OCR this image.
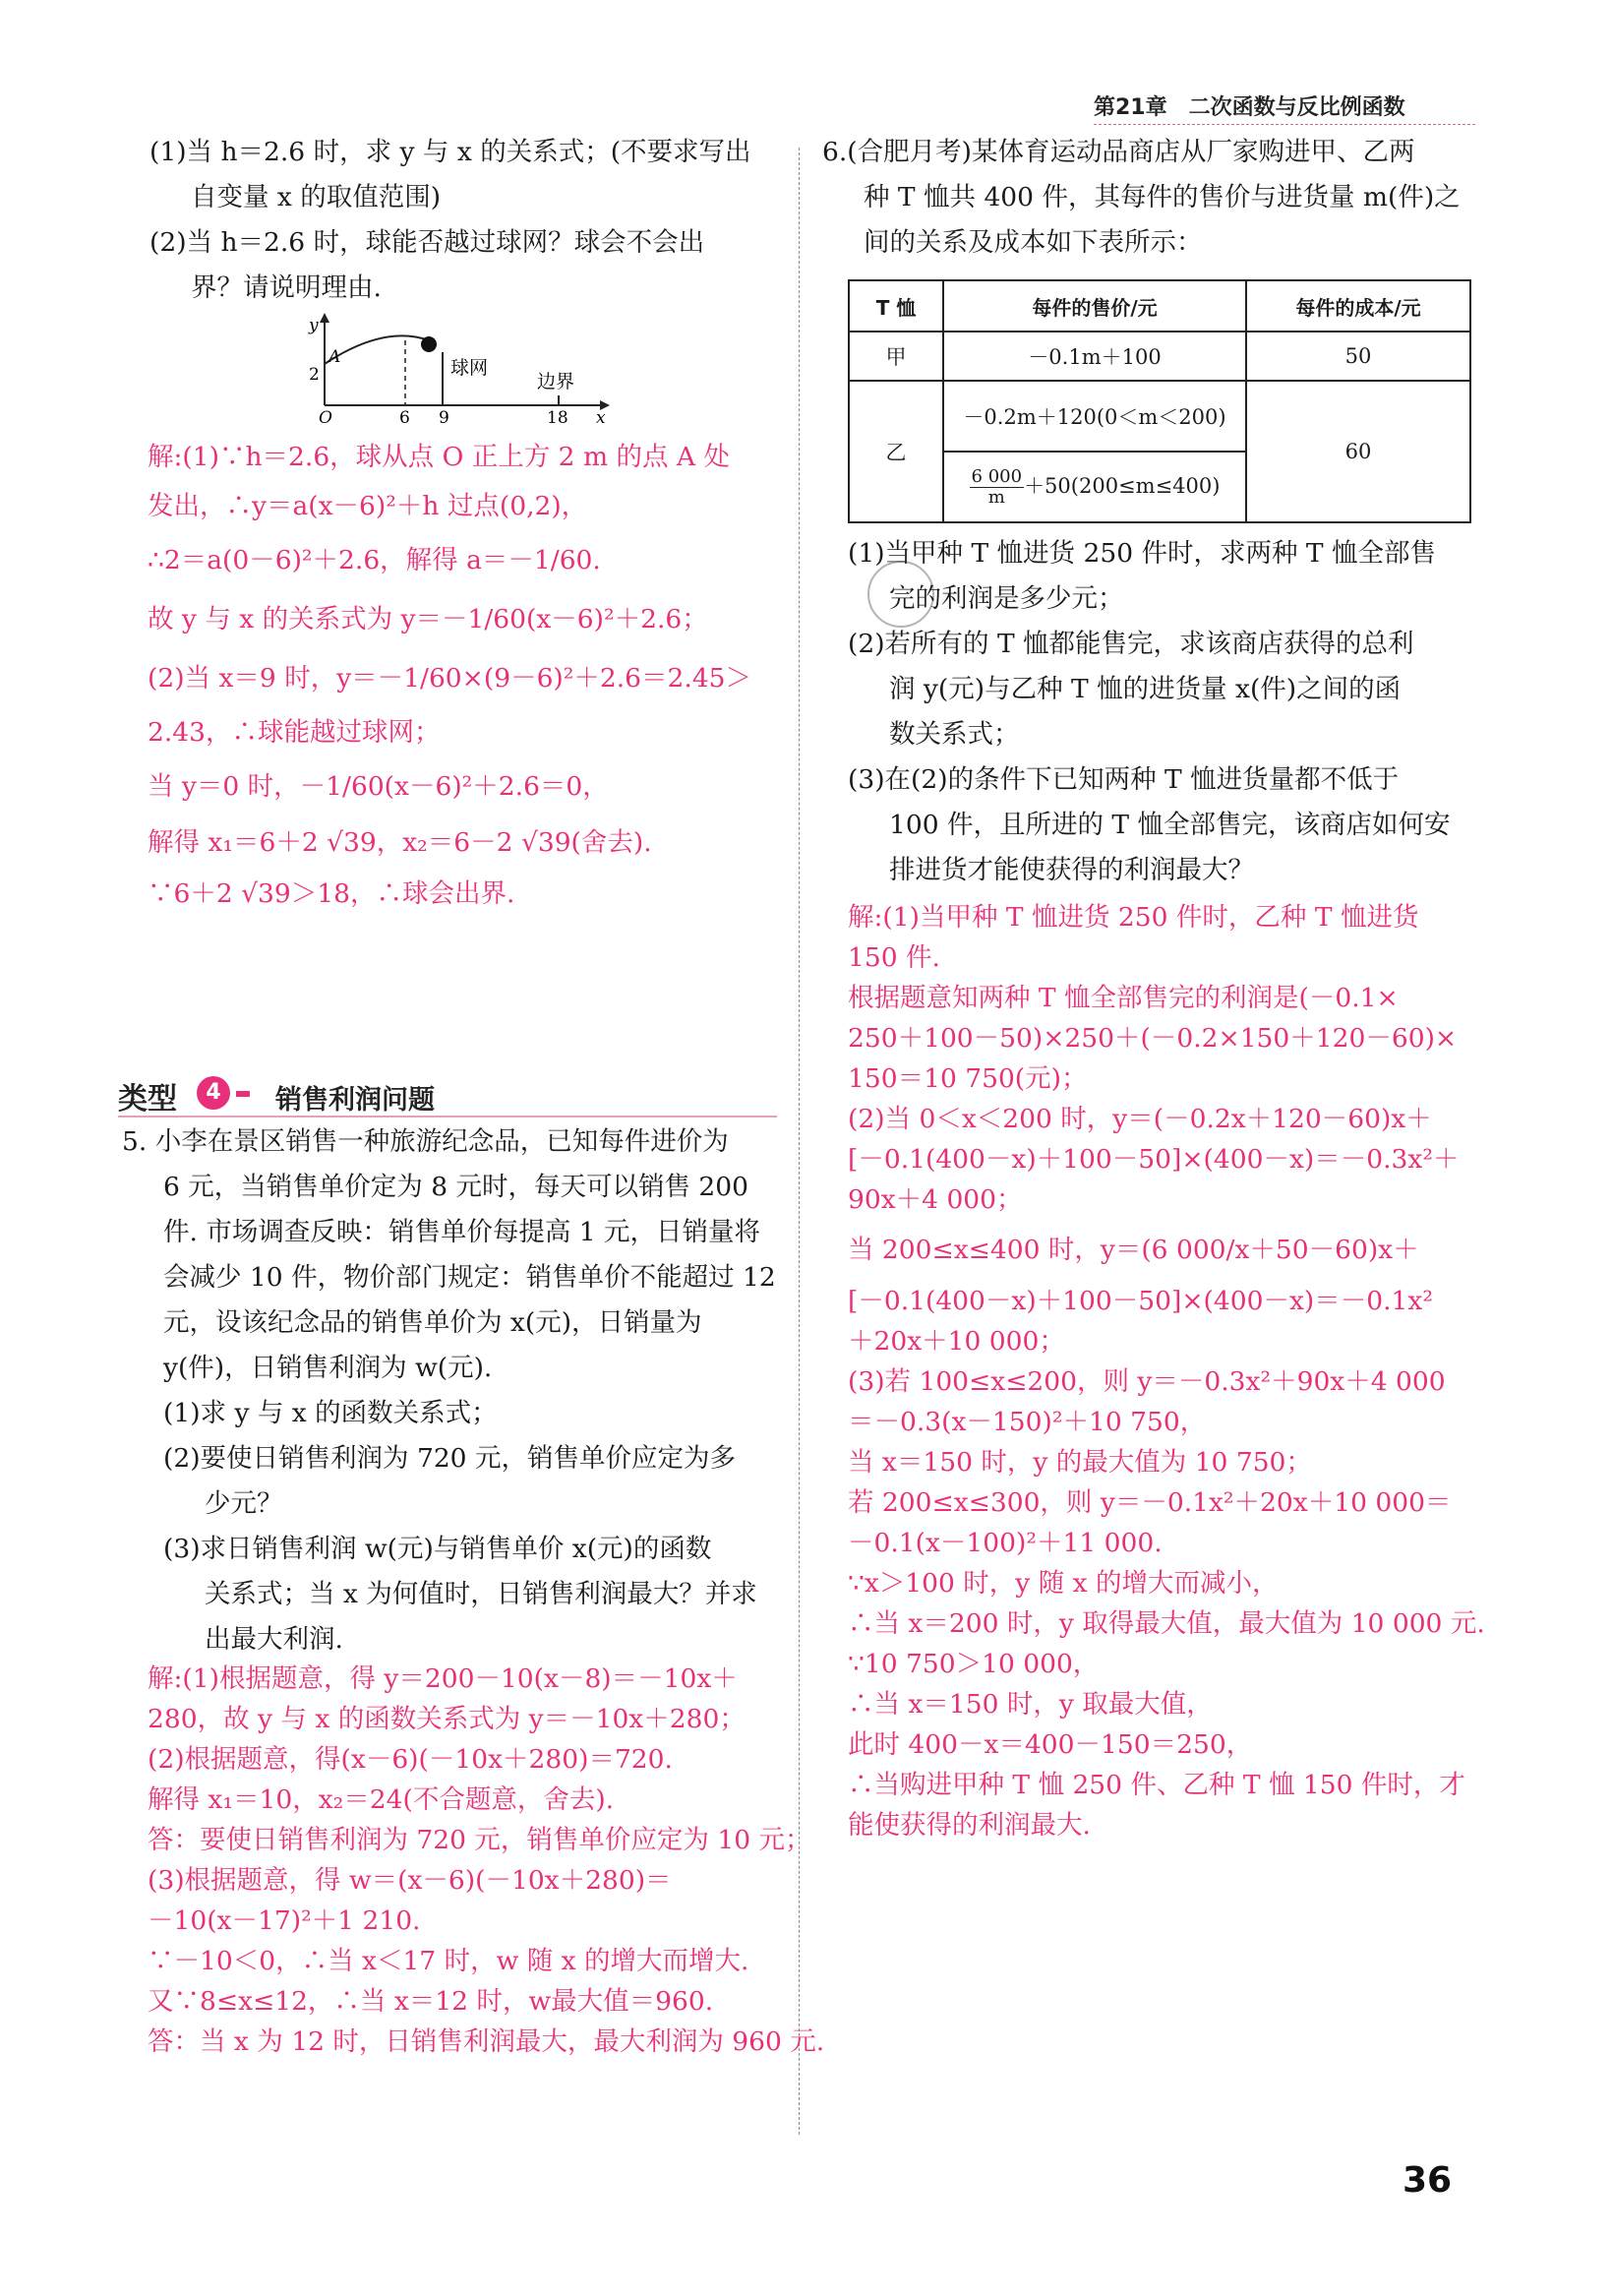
第21章　二次函数与反比例函数
(1)当 h＝2.6 时，求 y 与 x 的关系式；(不要求写出
自变量 x 的取值范围)
(2)当 h＝2.6 时，球能否越过球网？球会不会出
界？请说明理由.
y
A
2
O	6 9
球网
边界
18 x
解:(1)∵h＝2.6，球从点 O 正上方 2 m 的点 A 处
发出，∴y＝a(x－6)²＋h 过点(0,2)，
∴2＝a(0－6)²＋2.6，解得 a＝－1/60.
故 y 与 x 的关系式为 y＝－1/60(x－6)²＋2.6；
(2)当 x＝9 时，y＝－1/60×(9－6)²＋2.6＝2.45＞
2.43，∴球能越过球网；
当 y＝0 时，－1/60(x－6)²＋2.6＝0，
解得 x₁＝6＋2 √39，x₂＝6－2 √39(舍去).
∵6＋2 √39＞18，∴球会出界.
类型	4	销售利润问题
5. 小李在景区销售一种旅游纪念品，已知每件进价为
6 元，当销售单价定为 8 元时，每天可以销售 200
件. 市场调查反映：销售单价每提高 1 元，日销量将
会减少 10 件，物价部门规定：销售单价不能超过 12
元，设该纪念品的销售单价为 x(元)，日销量为
y(件)，日销售利润为 w(元).
(1)求 y 与 x 的函数关系式；
(2)要使日销售利润为 720 元，销售单价应定为多
少元？
(3)求日销售利润 w(元)与销售单价 x(元)的函数
关系式；当 x 为何值时，日销售利润最大？并求
出最大利润.
解:(1)根据题意，得 y＝200－10(x－8)＝－10x＋
280，故 y 与 x 的函数关系式为 y＝－10x＋280；
(2)根据题意，得(x－6)(－10x＋280)＝720.
解得 x₁＝10，x₂＝24(不合题意，舍去).
答：要使日销售利润为 720 元，销售单价应定为 10 元；
(3)根据题意，得 w＝(x－6)(－10x＋280)＝
－10(x－17)²＋1 210.
∵－10＜0，∴当 x＜17 时，w 随 x 的增大而增大.
又∵8≤x≤12，∴当 x＝12 时，w最大值＝960.
答：当 x 为 12 时，日销售利润最大，最大利润为 960 元.
6.(合肥月考)某体育运动品商店从厂家购进甲、乙两
种 T 恤共 400 件，其每件的售价与进货量 m(件)之
间的关系及成本如下表所示：
T 恤	每件的售价/元	每件的成本/元
甲	－0.1m＋100	50
乙	－0.2m＋120(0＜m＜200)	60

	$\frac{6 000}{m} +50(200\le m\le 400)$	
(1)当甲种 T 恤进货 250 件时，求两种 T 恤全部售
完的利润是多少元；
(2)若所有的 T 恤都能售完，求该商店获得的总利
润 y(元)与乙种 T 恤的进货量 x(件)之间的函
数关系式；
(3)在(2)的条件下已知两种 T 恤进货量都不低于
100 件，且所进的 T 恤全部售完，该商店如何安
排进货才能使获得的利润最大？
解:(1)当甲种 T 恤进货 250 件时，乙种 T 恤进货
150 件.
根据题意知两种 T 恤全部售完的利润是(－0.1×
250＋100－50)×250＋(－0.2×150＋120－60)×
150＝10 750(元)；
(2)当 0＜x＜200 时，y＝(－0.2x＋120－60)x＋
[－0.1(400－x)＋100－50]×(400－x)＝－0.3x²＋
90x＋4 000；
当 200≤x≤400 时，y＝(6 000/x＋50－60)x＋
[－0.1(400－x)＋100－50]×(400－x)＝－0.1x²
＋20x＋10 000；
(3)若 100≤x≤200，则 y＝－0.3x²＋90x＋4 000
＝－0.3(x－150)²＋10 750，
当 x＝150 时，y 的最大值为 10 750；
若 200≤x≤300，则 y＝－0.1x²＋20x＋10 000＝
－0.1(x－100)²＋11 000.
∵x＞100 时，y 随 x 的增大而减小，
∴当 x＝200 时，y 取得最大值，最大值为 10 000 元.
∵10 750＞10 000，
∴当 x＝150 时，y 取最大值，
此时 400－x＝400－150＝250，
∴当购进甲种 T 恤 250 件、乙种 T 恤 150 件时，才
能使获得的利润最大.
36
